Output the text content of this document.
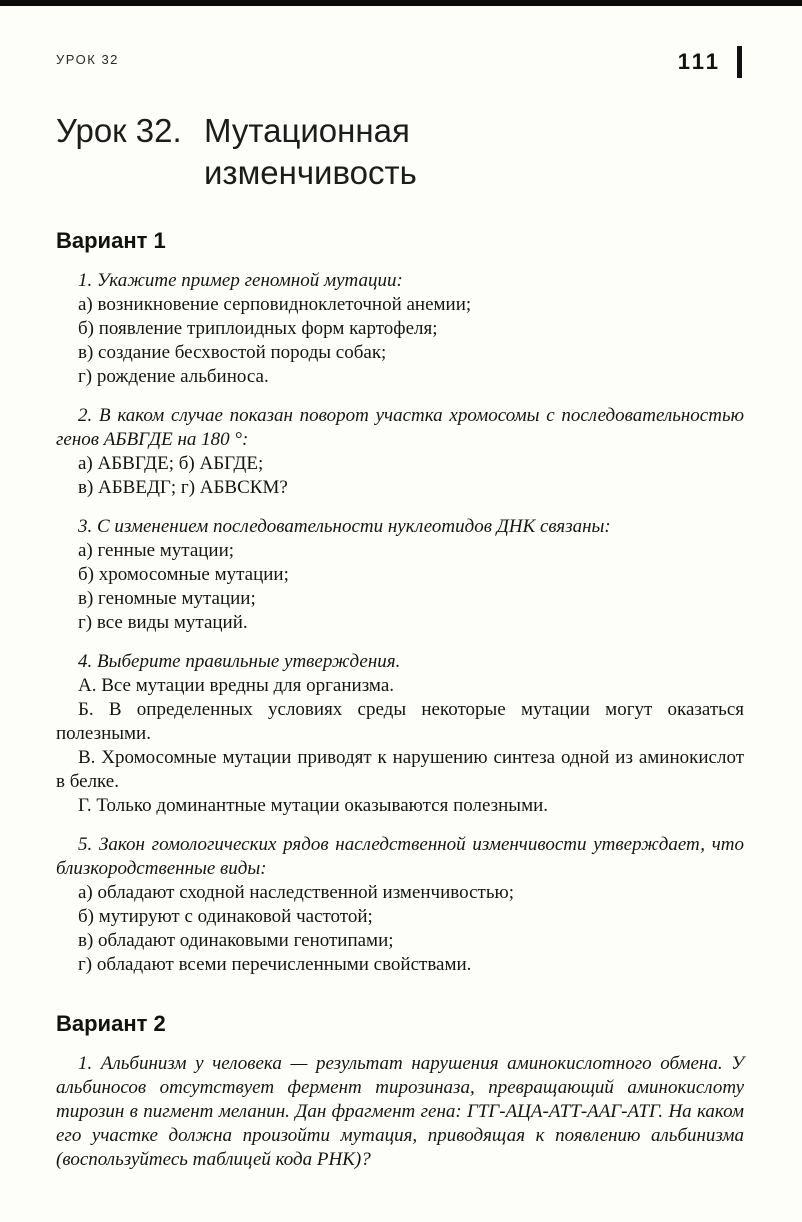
УРОК 32	111
Урок 32. Мутационная
изменчивость
Вариант 1

1. Укажите пример геномной мутации:

а) возникновение серповидноклеточной анемии;

б) появление триплоидных форм картофеля;

в) создание бесхвостой породы собак;

г) рождение альбиноса.

2. В каком случае показан поворот участка хромосомы с последовательностью генов АБВГДЕ на 180 °:

а) АБВГДЕ; б) АБГДЕ;

в) АБВЕДГ; г) АБВСКМ?

3. С изменением последовательности нуклеотидов ДНК связаны:

а) генные мутации;

б) хромосомные мутации;

в) геномные мутации;

г) все виды мутаций.

4. Выберите правильные утверждения.

А. Все мутации вредны для организма.

Б. В определенных условиях среды некоторые мутации могут оказаться полезными.

В. Хромосомные мутации приводят к нарушению синтеза одной из аминокислот в белке.

Г. Только доминантные мутации оказываются полезными.

5. Закон гомологических рядов наследственной изменчивости утверждает, что близкородственные виды:

а) обладают сходной наследственной изменчивостью;

б) мутируют с одинаковой частотой;

в) обладают одинаковыми генотипами;

г) обладают всеми перечисленными свойствами.

Вариант 2

1. Альбинизм у человека — результат нарушения аминокислотного обмена. У альбиносов отсутствует фермент тирозиназа, превращающий аминокислоту тирозин в пигмент меланин. Дан фрагмент гена: ГТГ-АЦА-АТТ-ААГ-АТГ. На каком его участке должна произойти мутация, приводящая к появлению альбинизма (воспользуйтесь таблицей кода РНК)?
